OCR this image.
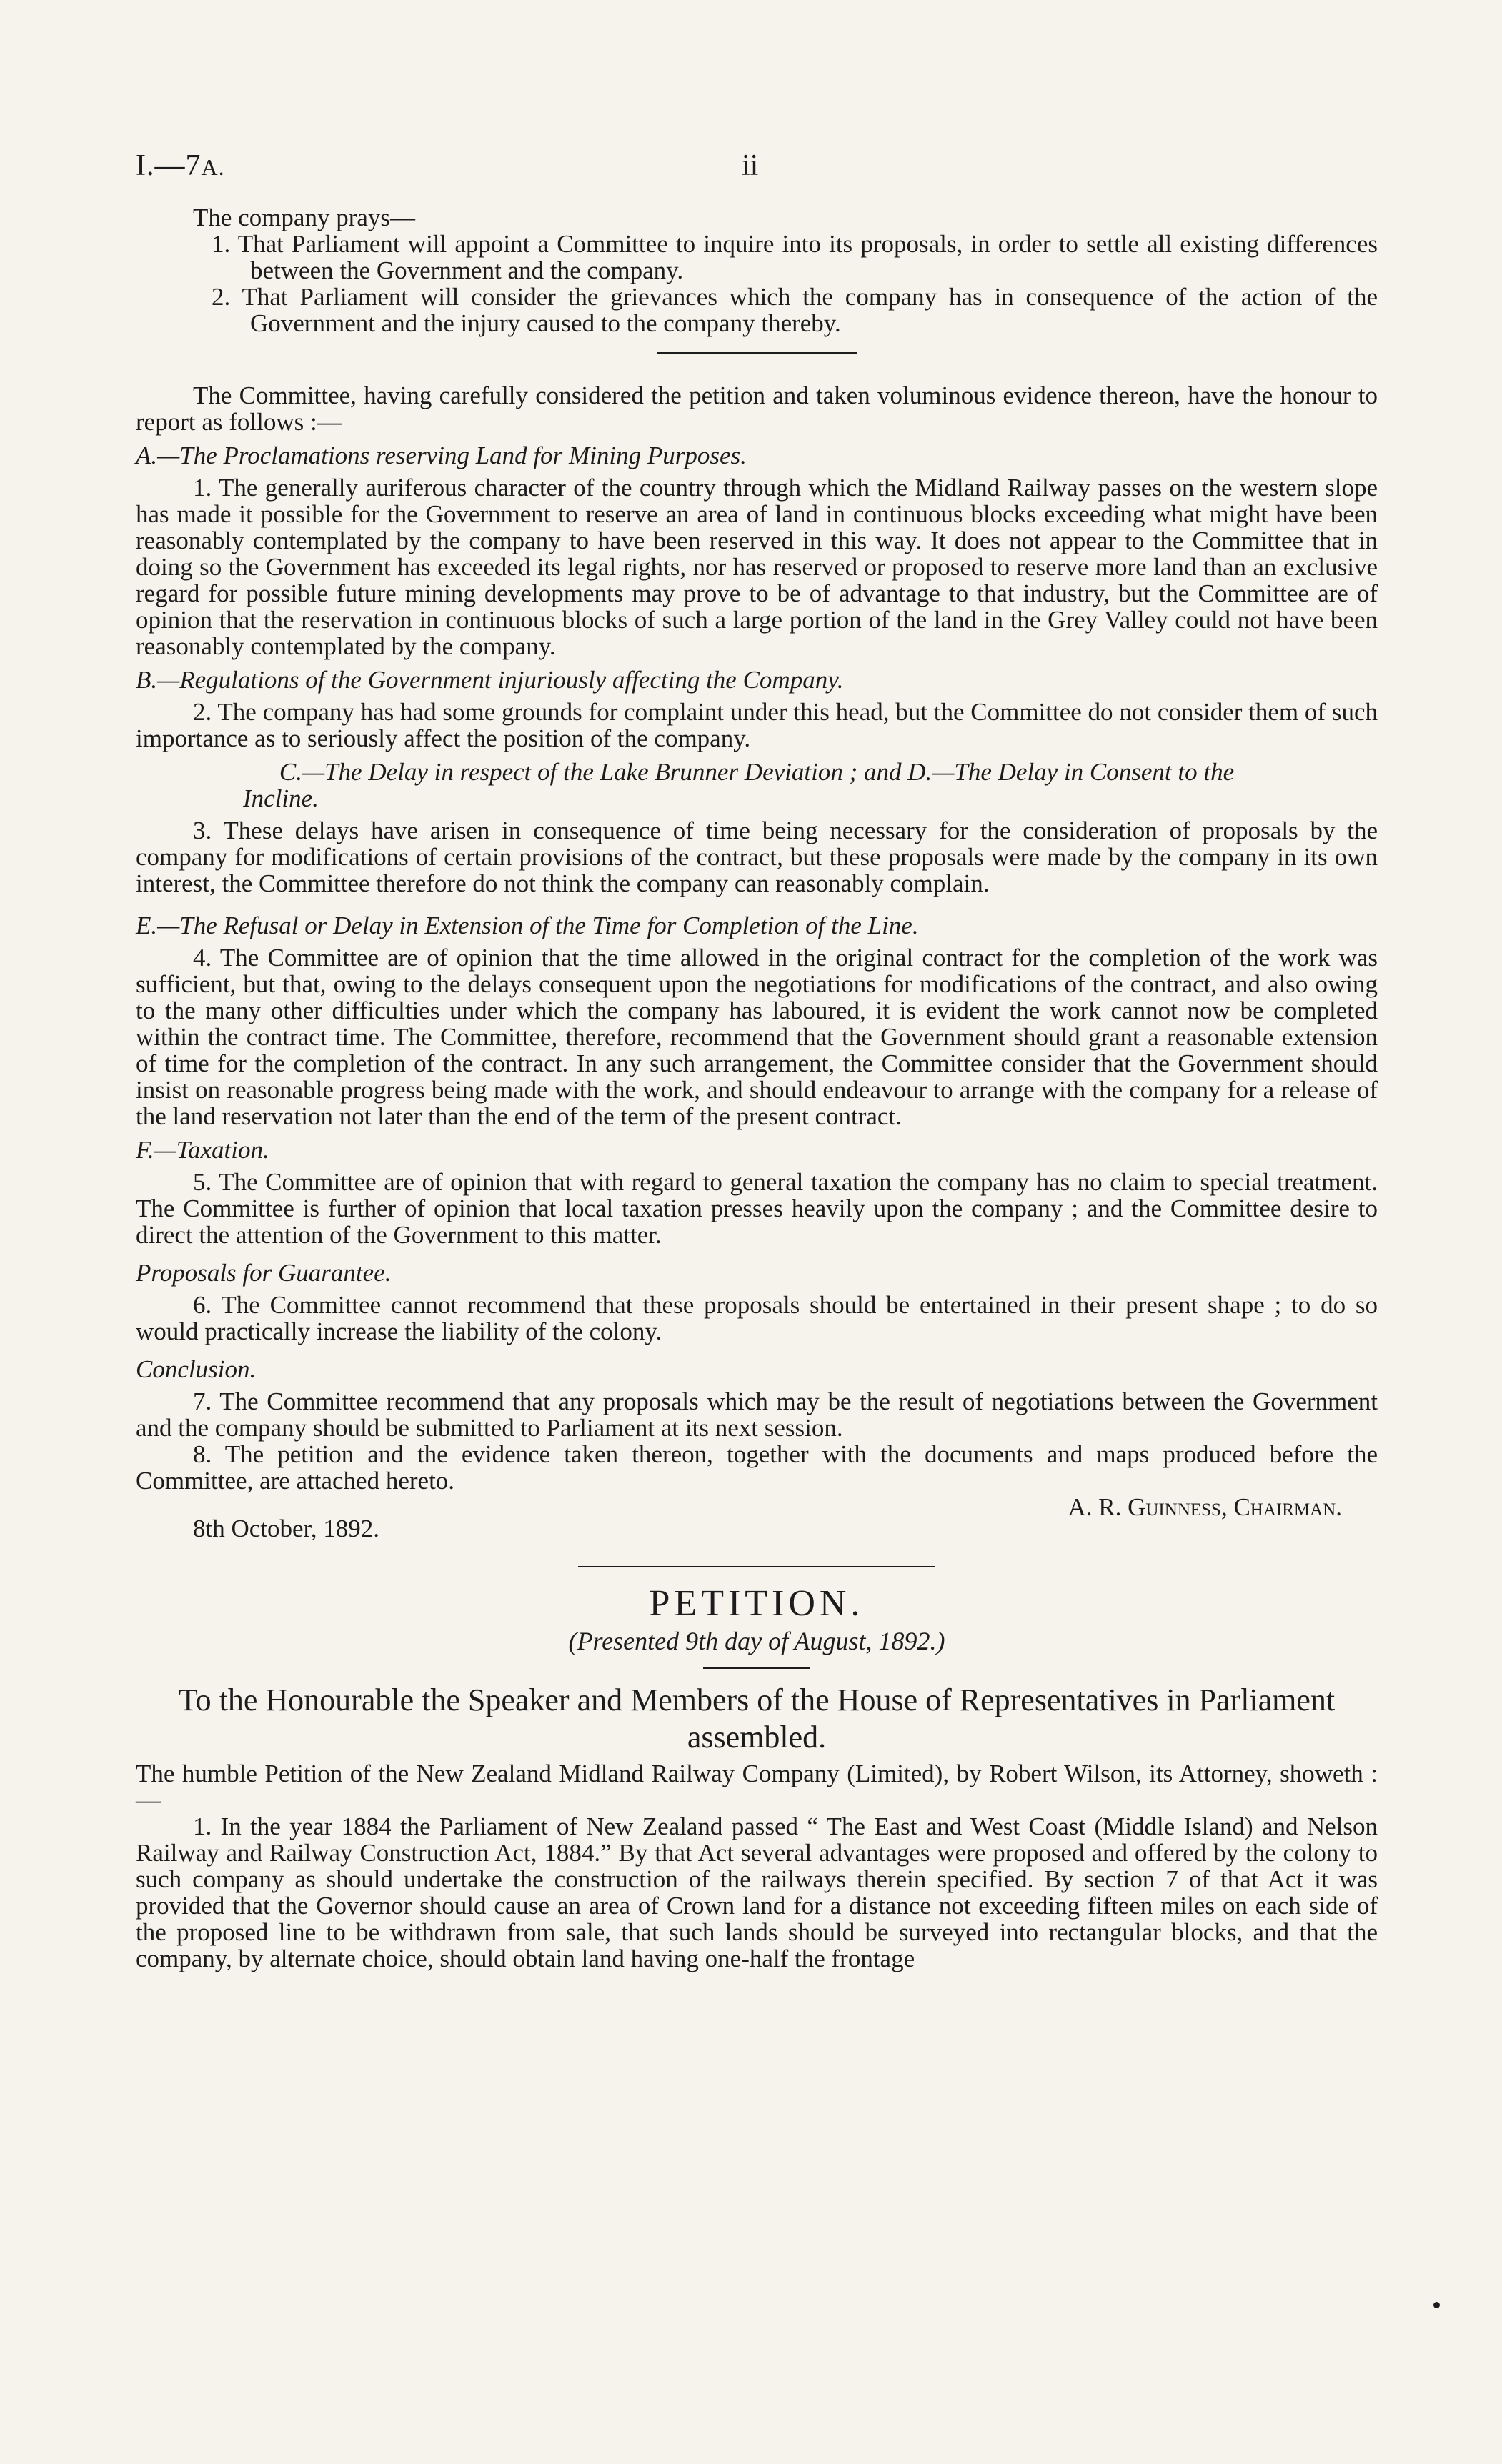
I.—7A.	ii

The company prays—

1. That Parliament will appoint a Committee to inquire into its proposals, in order to settle all existing differences between the Government and the company.

2. That Parliament will consider the grievances which the company has in consequence of the action of the Government and the injury caused to the company thereby.

The Committee, having carefully considered the petition and taken voluminous evidence thereon, have the honour to report as follows :—

A.—The Proclamations reserving Land for Mining Purposes.

1. The generally auriferous character of the country through which the Midland Railway passes on the western slope has made it possible for the Government to reserve an area of land in continuous blocks exceeding what might have been reasonably contemplated by the company to have been reserved in this way. It does not appear to the Committee that in doing so the Government has exceeded its legal rights, nor has reserved or proposed to reserve more land than an exclusive regard for possible future mining developments may prove to be of advantage to that industry, but the Committee are of opinion that the reservation in continuous blocks of such a large portion of the land in the Grey Valley could not have been reasonably contemplated by the company.

B.—Regulations of the Government injuriously affecting the Company.

2. The company has had some grounds for complaint under this head, but the Committee do not consider them of such importance as to seriously affect the position of the company.

C.—The Delay in respect of the Lake Brunner Deviation ; and D.—The Delay in Consent to the Incline.

3. These delays have arisen in consequence of time being necessary for the consideration of proposals by the company for modifications of certain provisions of the contract, but these proposals were made by the company in its own interest, the Committee therefore do not think the company can reasonably complain.

E.—The Refusal or Delay in Extension of the Time for Completion of the Line.

4. The Committee are of opinion that the time allowed in the original contract for the completion of the work was sufficient, but that, owing to the delays consequent upon the negotiations for modifications of the contract, and also owing to the many other difficulties under which the company has laboured, it is evident the work cannot now be completed within the contract time. The Committee, therefore, recommend that the Government should grant a reasonable extension of time for the completion of the contract. In any such arrangement, the Committee consider that the Government should insist on reasonable progress being made with the work, and should endeavour to arrange with the company for a release of the land reservation not later than the end of the term of the present contract.

F.—Taxation.

5. The Committee are of opinion that with regard to general taxation the company has no claim to special treatment. The Committee is further of opinion that local taxation presses heavily upon the company ; and the Committee desire to direct the attention of the Government to this matter.

Proposals for Guarantee.

6. The Committee cannot recommend that these proposals should be entertained in their present shape ; to do so would practically increase the liability of the colony.

Conclusion.

7. The Committee recommend that any proposals which may be the result of negotiations between the Government and the company should be submitted to Parliament at its next session.

8. The petition and the evidence taken thereon, together with the documents and maps produced before the Committee, are attached hereto.

8th October, 1892.
A. R. Guinness, Chairman.
PETITION.
(Presented 9th day of August, 1892.)
To the Honourable the Speaker and Members of the House of Representatives in Parliament assembled.

The humble Petition of the New Zealand Midland Railway Company (Limited), by Robert Wilson, its Attorney, showeth :—

1. In the year 1884 the Parliament of New Zealand passed “ The East and West Coast (Middle Island) and Nelson Railway and Railway Construction Act, 1884.” By that Act several advantages were proposed and offered by the colony to such company as should undertake the construction of the railways therein specified. By section 7 of that Act it was provided that the Governor should cause an area of Crown land for a distance not exceeding fifteen miles on each side of the proposed line to be withdrawn from sale, that such lands should be surveyed into rectangular blocks, and that the company, by alternate choice, should obtain land having one-half the frontage
